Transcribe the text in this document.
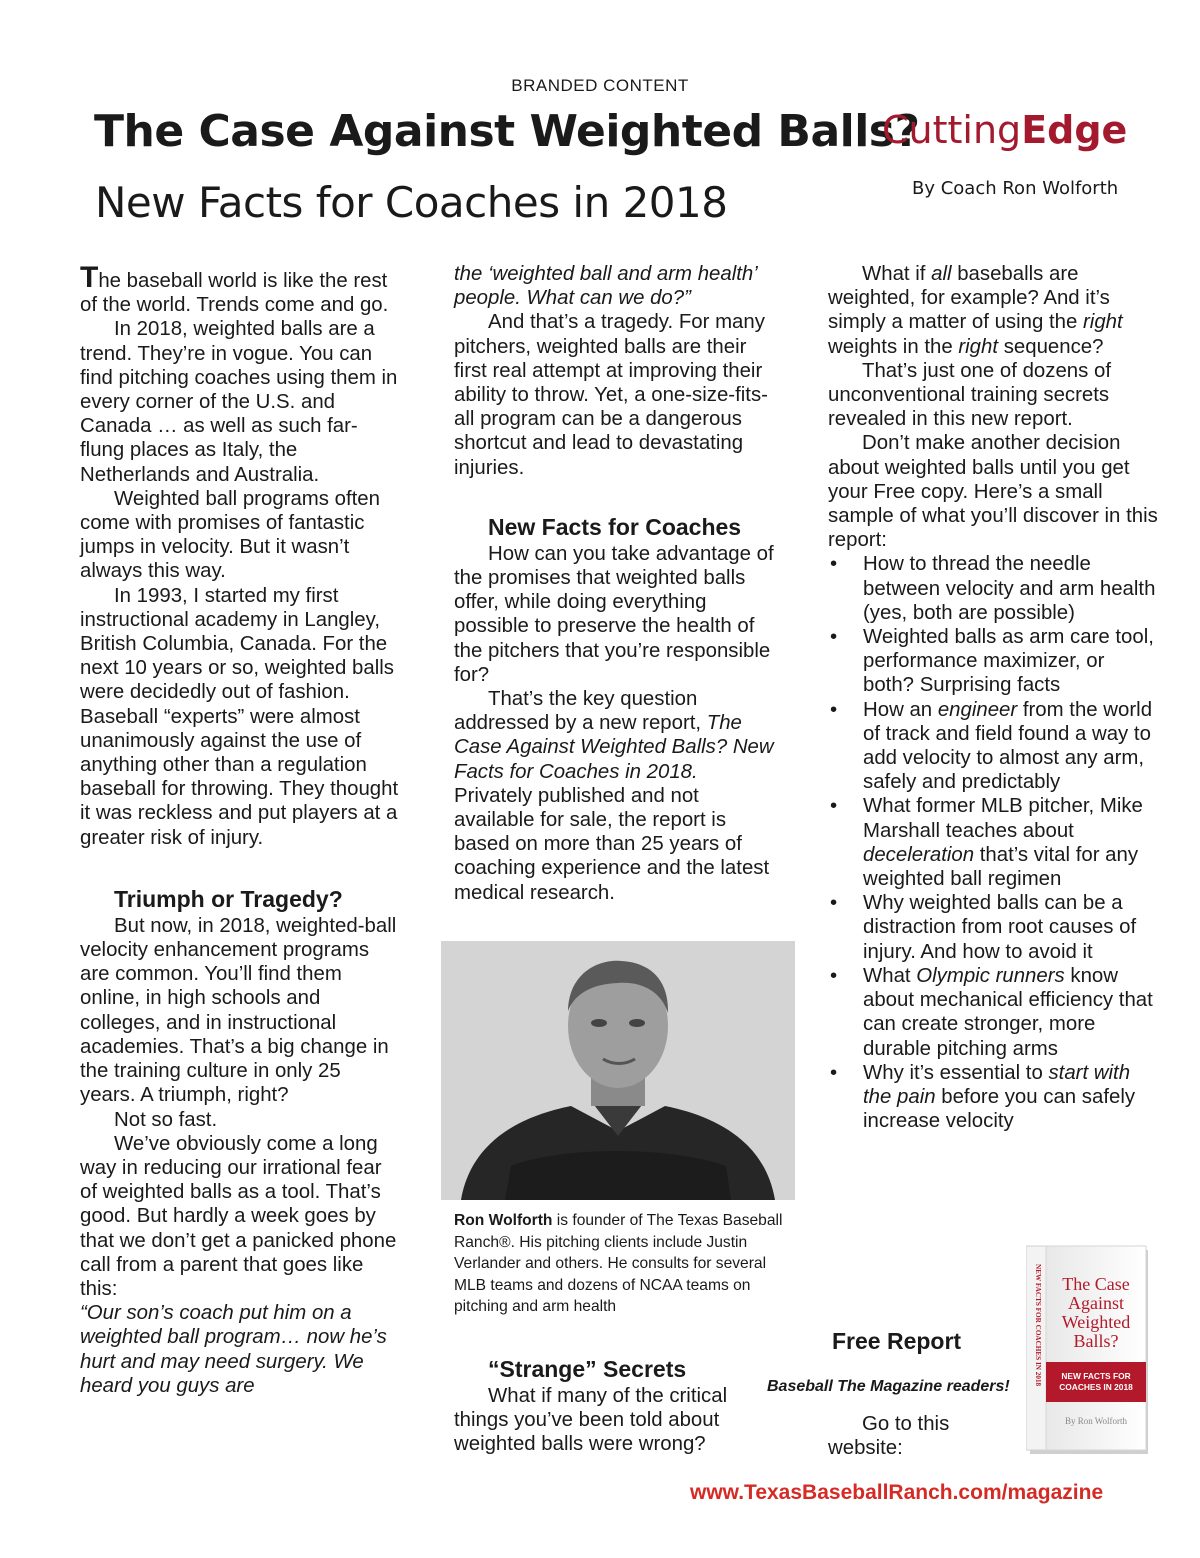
BRANDED CONTENT
The Case Against Weighted Balls?
New Facts for Coaches in 2018
CuttingEdge
By Coach Ron Wolforth

The baseball world is like the rest of the world. Trends come and go.

In 2018, weighted balls are a trend. They’re in vogue. You can find pitching coaches using them in every corner of the U.S. and Canada … as well as such far-flung places as Italy, the Netherlands and Australia.

Weighted ball programs often come with promises of fantastic jumps in velocity. But it wasn’t always this way.

In 1993, I started my first instructional academy in Langley, British Columbia, Canada. For the next 10 years or so, weighted balls were decidedly out of fashion. Baseball “experts” were almost unanimously against the use of anything other than a regulation baseball for throwing. They thought it was reckless and put players at a greater risk of injury.

Triumph or Tragedy?

But now, in 2018, weighted-ball velocity enhancement programs are common. You’ll find them online, in high schools and colleges, and in instructional academies. That’s a big change in the training culture in only 25 years. A triumph, right?

Not so fast.

We’ve obviously come a long way in reducing our irrational fear of weighted balls as a tool. That’s good. But hardly a week goes by that we don’t get a panicked phone call from a parent that goes like this:

“Our son’s coach put him on a weighted ball program… now he’s hurt and may need surgery. We heard you guys are

the ‘weighted ball and arm health’ people. What can we do?”

And that’s a tragedy. For many pitchers, weighted balls are their first real attempt at improving their ability to throw. Yet, a one-size-fits-all program can be a dangerous shortcut and lead to devastating injuries.

New Facts for Coaches

How can you take advantage of the promises that weighted balls offer, while doing everything possible to preserve the health of the pitchers that you’re responsible for?

That’s the key question addressed by a new report, The Case Against Weighted Balls? New Facts for Coaches in 2018. Privately published and not available for sale, the report is based on more than 25 years of coaching experience and the latest medical research.

Ron Wolforth is founder of The Texas Baseball Ranch®. His pitching clients include Justin Verlander and others. He consults for several MLB teams and dozens of NCAA teams on pitching and arm health
“Strange” Secrets

What if many of the critical things you’ve been told about weighted balls were wrong?

What if all baseballs are weighted, for example? And it’s simply a matter of using the right weights in the right sequence?

That’s just one of dozens of unconventional training secrets revealed in this new report.

Don’t make another decision about weighted balls until you get your Free copy. Here’s a small sample of what you’ll discover in this report:

• How to thread the needle between velocity and arm health (yes, both are possible)
• Weighted balls as arm care tool, performance maximizer, or both? Surprising facts
• How an engineer from the world of track and field found a way to add velocity to almost any arm, safely and predictably
• What former MLB pitcher, Mike Marshall teaches about deceleration that’s vital for any weighted ball regimen
• Why weighted balls can be a distraction from root causes of injury. And how to avoid it
• What Olympic runners know about mechanical efficiency that can create stronger, more durable pitching arms
• Why it’s essential to start with the pain before you can safely increase velocity
Free Report
Baseball The Magazine readers!

Go to this website:

www.TexasBaseballRanch.com/magazine
NEW FACTS FOR COACHES IN 2018 The Case
Against
Weighted
Balls?
NEW FACTS FOR
COACHES IN 2018
By Ron Wolforth
